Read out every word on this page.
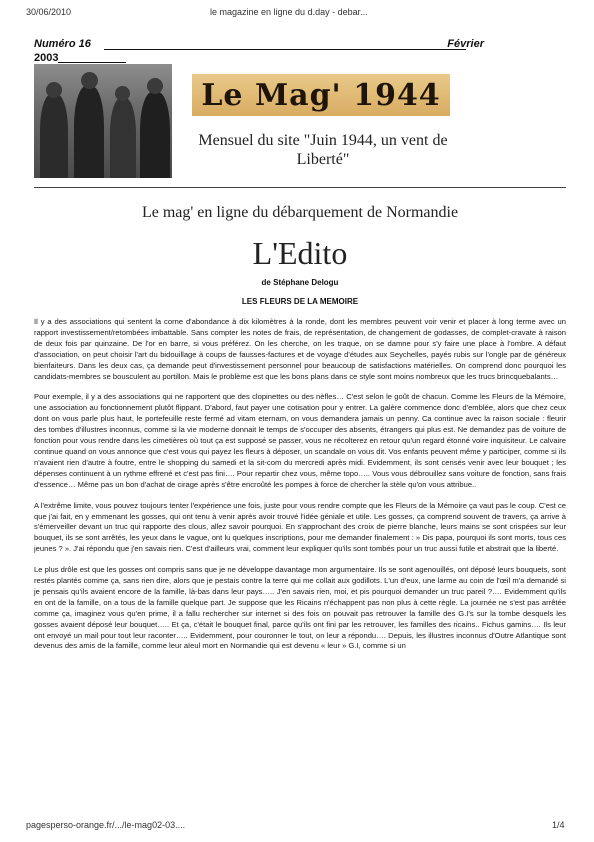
30/06/2010	le magazine en ligne du d.day - debar...
Numéro 16	Février
2003
Le Mag' 1944
Mensuel du site "Juin 1944, un vent de Liberté"
Le mag' en ligne du débarquement de Normandie
L'Edito
de Stéphane Delogu
LES FLEURS DE LA MEMOIRE

Il y a des associations qui sentent la corne d'abondance à dix kilomètres à la ronde, dont les membres peuvent voir venir et placer à long terme avec un rapport investissement/retombées imbattable. Sans compter les notes de frais, de représentation, de changement de godasses, de complet-cravate à raison de deux fois par quinzaine. De l'or en barre, si vous préférez. On les cherche, on les traque, on se damne pour s'y faire une place à l'ombre. A défaut d'association, on peut choisir l'art du bidouillage à coups de fausses-factures et de voyage d'études aux Seychelles, payés rubis sur l'ongle par de généreux bienfaiteurs. Dans les deux cas, ça demande peut d'investissement personnel pour beaucoup de satisfactions matérielles. On comprend donc pourquoi les candidats-membres se bousculent au portillon. Mais le problème est que les bons plans dans ce style sont moins nombreux que les trucs brincquebalants…

Pour exemple, il y a des associations qui ne rapportent que des clopinettes ou des nèfles… C'est selon le goût de chacun. Comme les Fleurs de la Mémoire, une association au fonctionnement plutôt flippant. D'abord, faut payer une cotisation pour y entrer. La galère commence donc d'emblée, alors que chez ceux dont on vous parle plus haut, le portefeuille reste fermé ad vitam eternam, on vous demandera jamais un penny. Ca continue avec la raison sociale : fleurir des tombes d'illustres inconnus, comme si la vie moderne donnait le temps de s'occuper des absents, étrangers qui plus est. Ne demandez pas de voiture de fonction pour vous rendre dans les cimetières où tout ça est supposé se passer, vous ne récolterez en retour qu'un regard étonné voire inquisiteur. Le calvaire continue quand on vous annonce que c'est vous qui payez les fleurs à déposer, un scandale on vous dit. Vos enfants peuvent même y participer, comme si ils n'avaient rien d'autre à foutre, entre le shopping du samedi et la sit-com du mercredi après midi. Evidemment, ils sont censés venir avec leur bouquet ; les dépenses continuent à un rythme effrené et c'est pas fini…. Pour repartir chez vous, même topo….. Vous vous débrouillez sans voiture de fonction, sans frais d'essence… Même pas un bon d'achat de cirage après s'être encroûté les pompes à force de chercher la stèle qu'on vous attribue..

A l'extrême limite, vous pouvez toujours tenter l'expérience une fois, juste pour vous rendre compte que les Fleurs de la Mémoire ça vaut pas le coup. C'est ce que j'ai fait, en y emmenant les gosses, qui ont tenu à venir après avoir trouvé l'idée géniale et utile. Les gosses, ça comprend souvent de travers, ça arrive à s'émerveiller devant un truc qui rapporte des clous, allez savoir pourquoi. En s'approchant des croix de pierre blanche, leurs mains se sont crispées sur leur bouquet, ils se sont arrêtés, les yeux dans le vague, ont lu quelques inscriptions, pour me demander finalement : » Dis papa, pourquoi ils sont morts, tous ces jeunes ? ». J'ai répondu que j'en savais rien. C'est d'ailleurs vrai, comment leur expliquer qu'ils sont tombés pour un truc aussi futile et abstrait que la liberté.

Le plus drôle est que les gosses ont compris sans que je ne développe davantage mon argumentaire. Ils se sont agenouillés, ont déposé leurs bouquets, sont restés plantés comme ça, sans rien dire, alors que je pestais contre la terre qui me collait aux godillots. L'un d'eux, une larme au coin de l'œil m'a demandé si je pensais qu'ils avaient encore de la famille, là-bas dans leur pays….. J'en savais rien, moi, et pis pourquoi demander un truc pareil ?…. Evidemment qu'ils en ont de la famille, on a tous de la famille quelque part. Je suppose que les Ricains n'échappent pas non plus à cette règle. La journée ne s'est pas arrêtée comme ça, imaginez vous qu'en prime, il a fallu rechercher sur internet si des fois on pouvait pas retrouver la famille des G.I's sur la tombe desquels les gosses avaient déposé leur bouquet….. Et ça, c'était le bouquet final, parce qu'ils ont fini par les retrouver, les familles des ricains.. Fichus gamins…. Ils leur ont envoyé un mail pour tout leur raconter….. Evidemment, pour couronner le tout, on leur a répondu…. Depuis, les illustres inconnus d'Outre Atlantique sont devenus des amis de la famille, comme leur aïeul mort en Normandie qui est devenu « leur » G.I, comme si un

pagesperso-orange.fr/.../le-mag02-03....	1/4
